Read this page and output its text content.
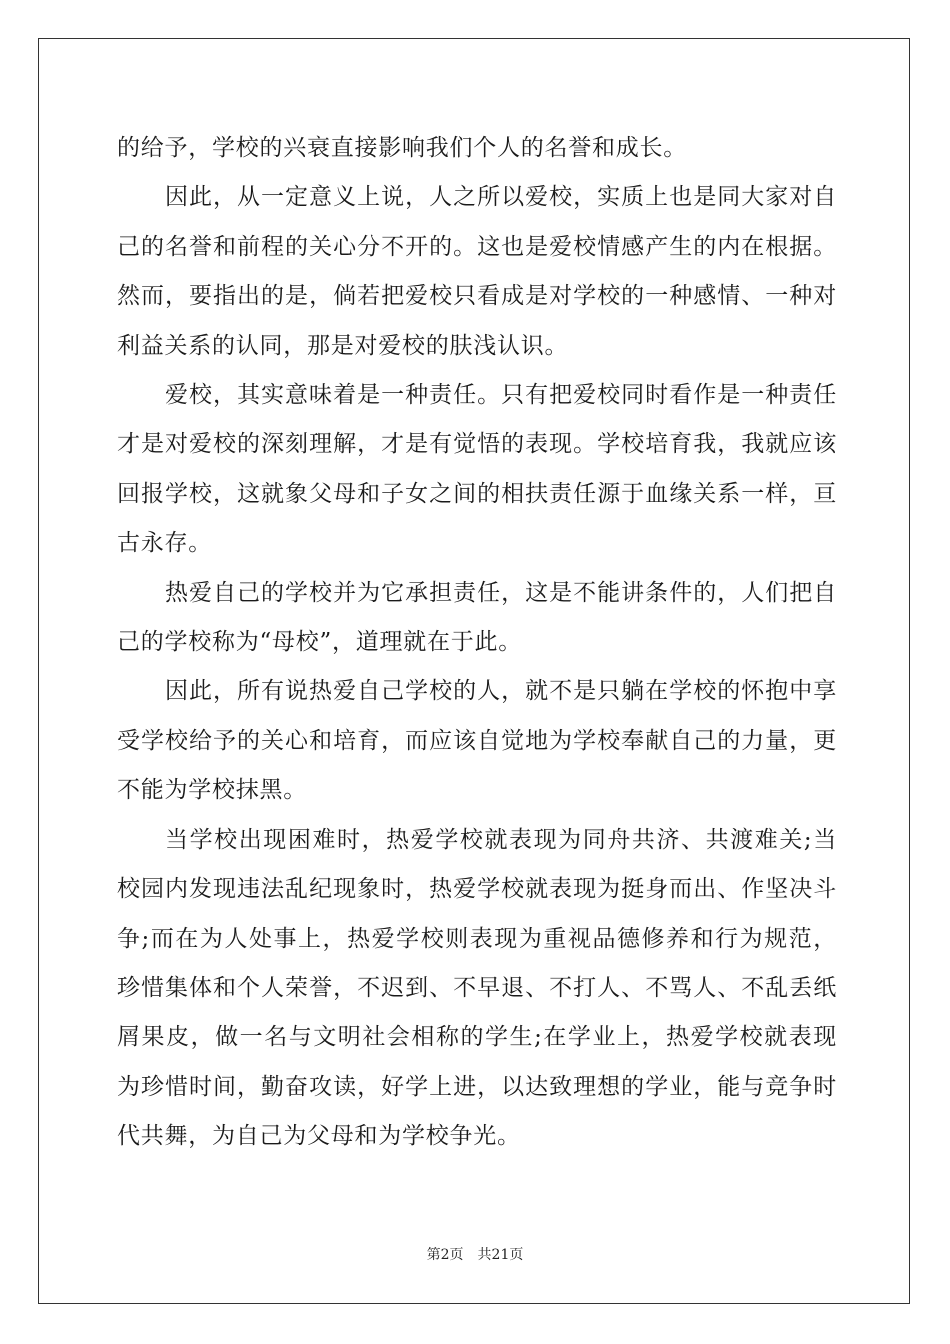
的给予，学校的兴衰直接影响我们个人的名誉和成长。

因此，从一定意义上说，人之所以爱校，实质上也是同大家对自己的名誉和前程的关心分不开的。这也是爱校情感产生的内在根据。然而，要指出的是，倘若把爱校只看成是对学校的一种感情、一种对利益关系的认同，那是对爱校的肤浅认识。

爱校，其实意味着是一种责任。只有把爱校同时看作是一种责任才是对爱校的深刻理解，才是有觉悟的表现。学校培育我，我就应该回报学校，这就象父母和子女之间的相扶责任源于血缘关系一样，亘古永存。

热爱自己的学校并为它承担责任，这是不能讲条件的，人们把自己的学校称为“母校”，道理就在于此。

因此，所有说热爱自己学校的人，就不是只躺在学校的怀抱中享受学校给予的关心和培育，而应该自觉地为学校奉献自己的力量，更不能为学校抹黑。

当学校出现困难时，热爱学校就表现为同舟共济、共渡难关;当校园内发现违法乱纪现象时，热爱学校就表现为挺身而出、作坚决斗争;而在为人处事上，热爱学校则表现为重视品德修养和行为规范，珍惜集体和个人荣誉，不迟到、不早退、不打人、不骂人、不乱丢纸屑果皮，做一名与文明社会相称的学生;在学业上，热爱学校就表现为珍惜时间，勤奋攻读，好学上进，以达致理想的学业，能与竞争时代共舞，为自己为父母和为学校争光。

第2页 共21页
